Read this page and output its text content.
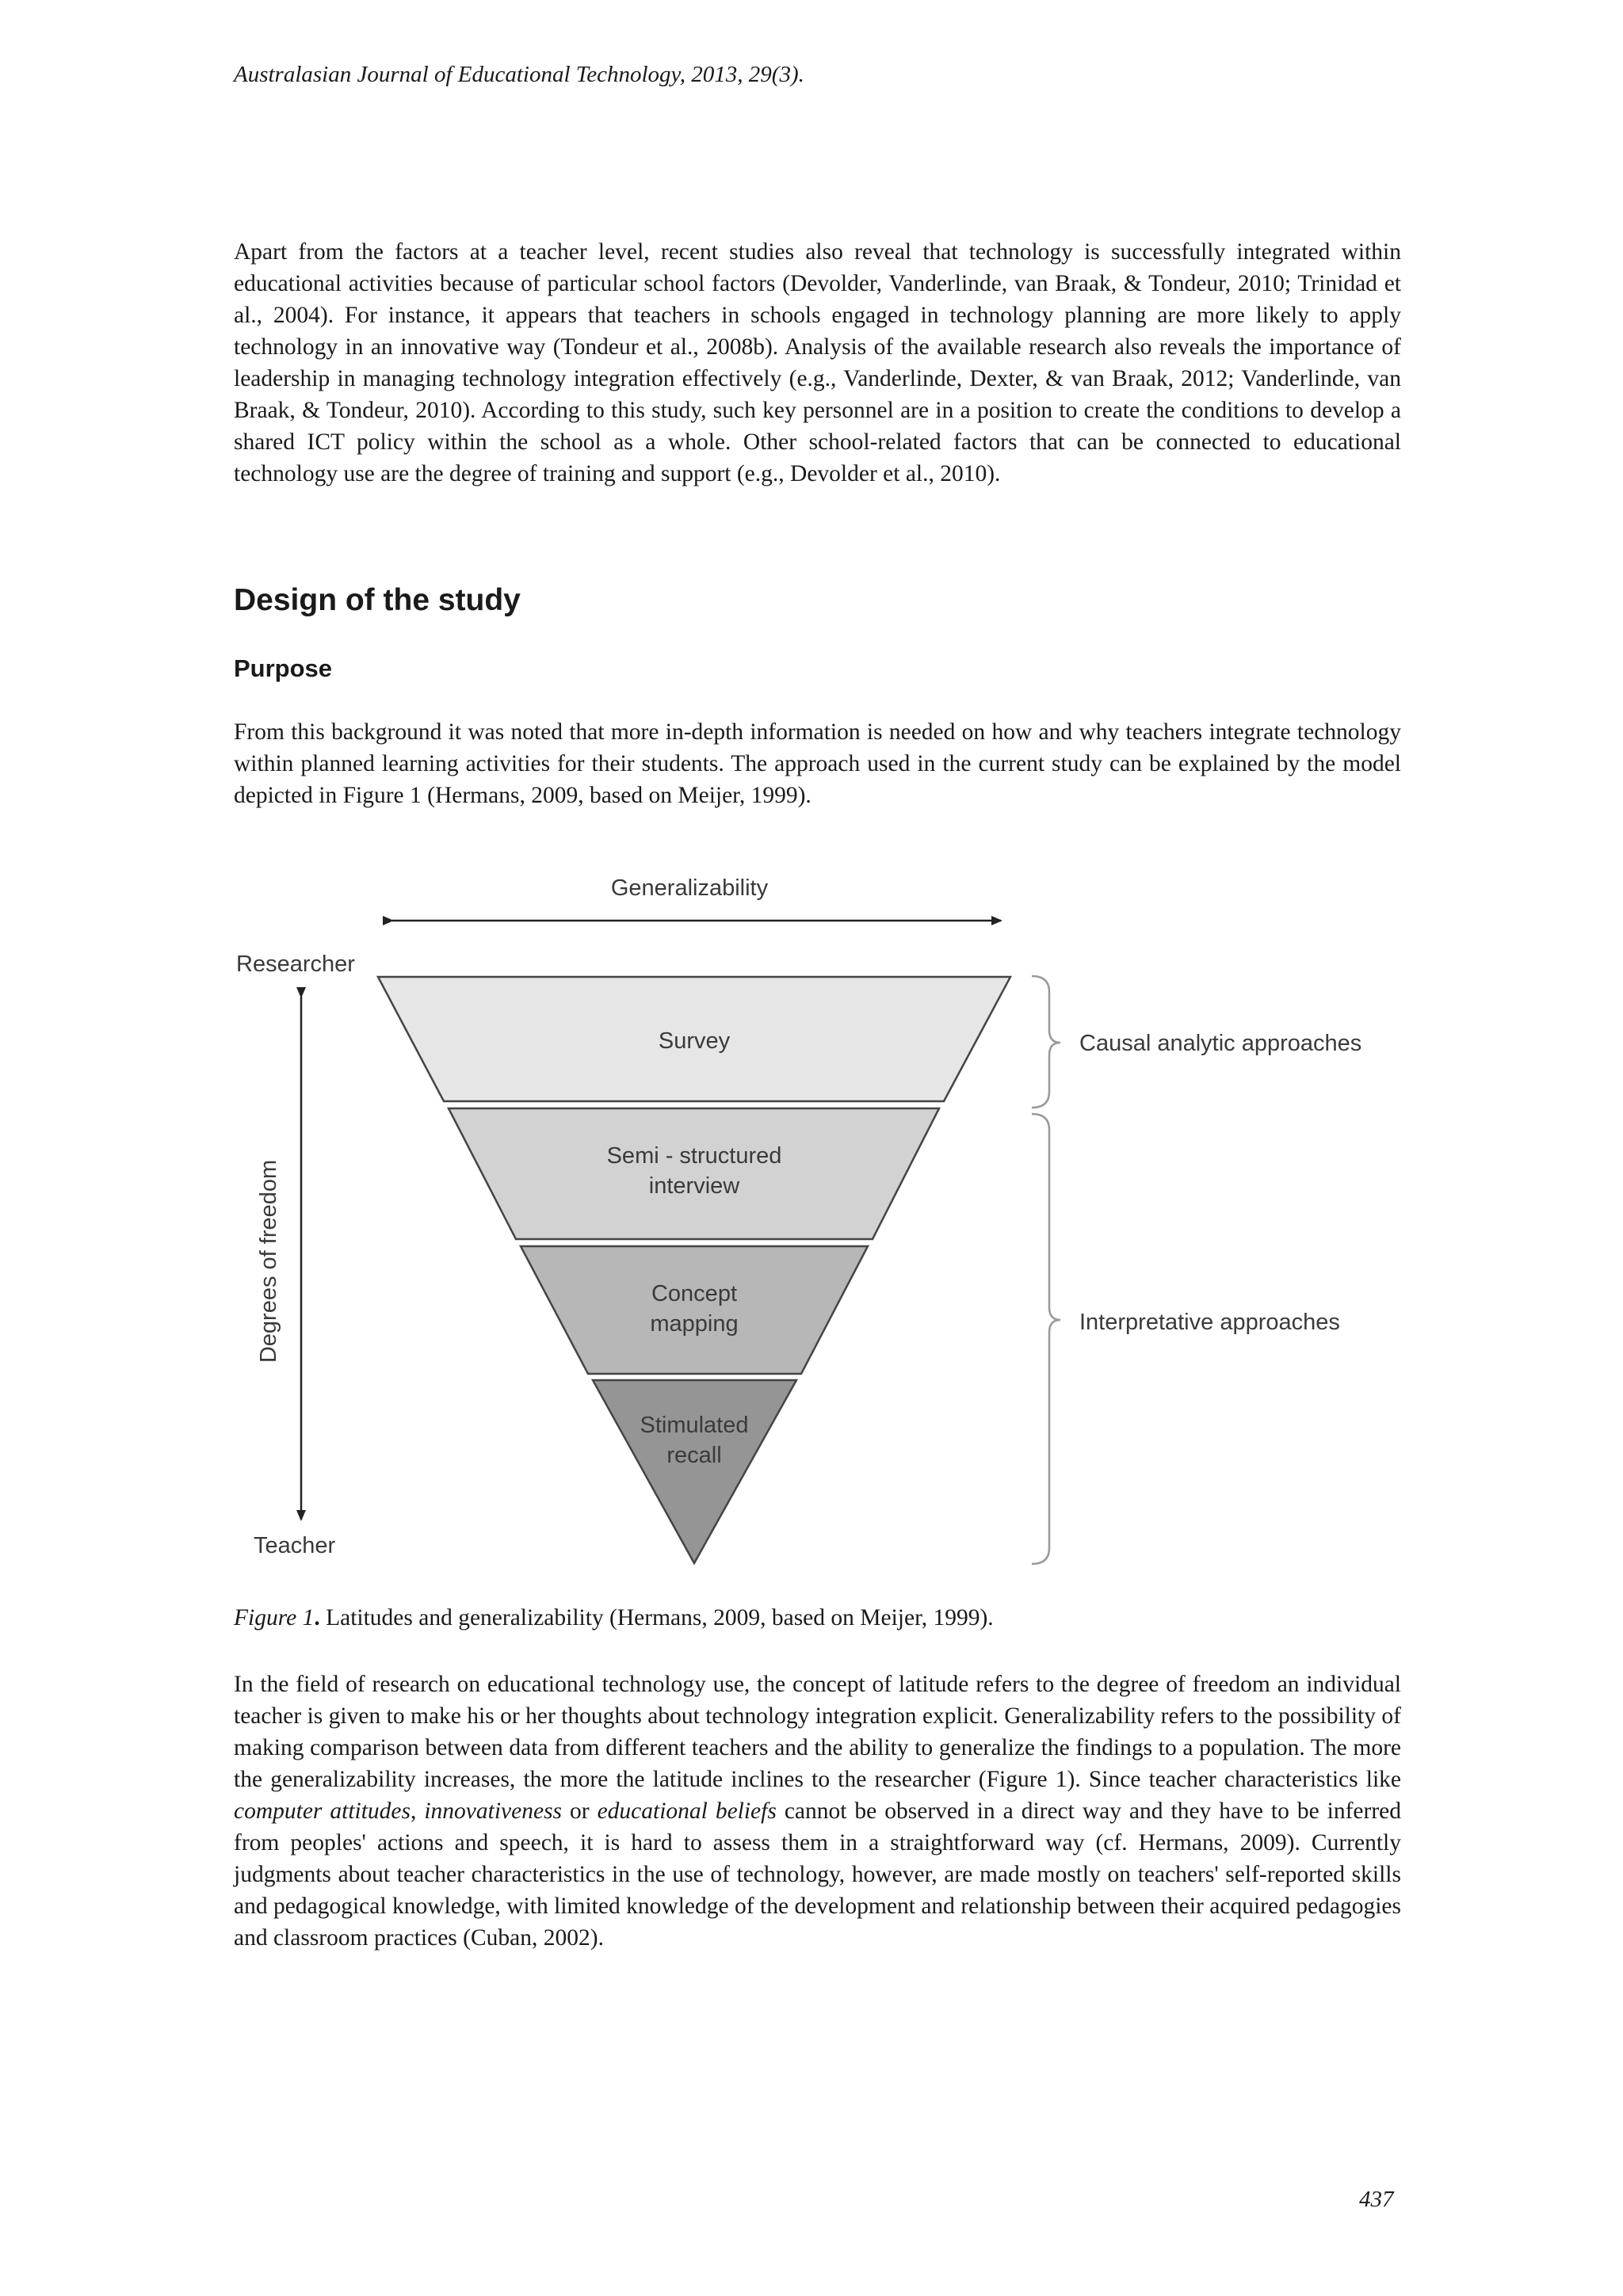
Australasian Journal of Educational Technology, 2013, 29(3).

Apart from the factors at a teacher level, recent studies also reveal that technology is successfully integrated within educational activities because of particular school factors (Devolder, Vanderlinde, van Braak, & Tondeur, 2010; Trinidad et al., 2004). For instance, it appears that teachers in schools engaged in technology planning are more likely to apply technology in an innovative way (Tondeur et al., 2008b). Analysis of the available research also reveals the importance of leadership in managing technology integration effectively (e.g., Vanderlinde, Dexter, & van Braak, 2012; Vanderlinde, van Braak, & Tondeur, 2010). According to this study, such key personnel are in a position to create the conditions to develop a shared ICT policy within the school as a whole. Other school-related factors that can be connected to educational technology use are the degree of training and support (e.g., Devolder et al., 2010).

Design of the study
Purpose

From this background it was noted that more in-depth information is needed on how and why teachers integrate technology within planned learning activities for their students. The approach used in the current study can be explained by the model depicted in Figure 1 (Hermans, 2009, based on Meijer, 1999).

Generalizability
Researcher
Degrees of freedom
Teacher
Survey
Semi - structured
interview
Concept
mapping
Stimulated
recall
Causal analytic approaches
Interpretative approaches
Figure 1. Latitudes and generalizability (Hermans, 2009, based on Meijer, 1999).

In the field of research on educational technology use, the concept of latitude refers to the degree of freedom an individual teacher is given to make his or her thoughts about technology integration explicit. Generalizability refers to the possibility of making comparison between data from different teachers and the ability to generalize the findings to a population. The more the generalizability increases, the more the latitude inclines to the researcher (Figure 1). Since teacher characteristics like computer attitudes, innovativeness or educational beliefs cannot be observed in a direct way and they have to be inferred from peoples' actions and speech, it is hard to assess them in a straightforward way (cf. Hermans, 2009). Currently judgments about teacher characteristics in the use of technology, however, are made mostly on teachers' self-reported skills and pedagogical knowledge, with limited knowledge of the development and relationship between their acquired pedagogies and classroom practices (Cuban, 2002).

437
